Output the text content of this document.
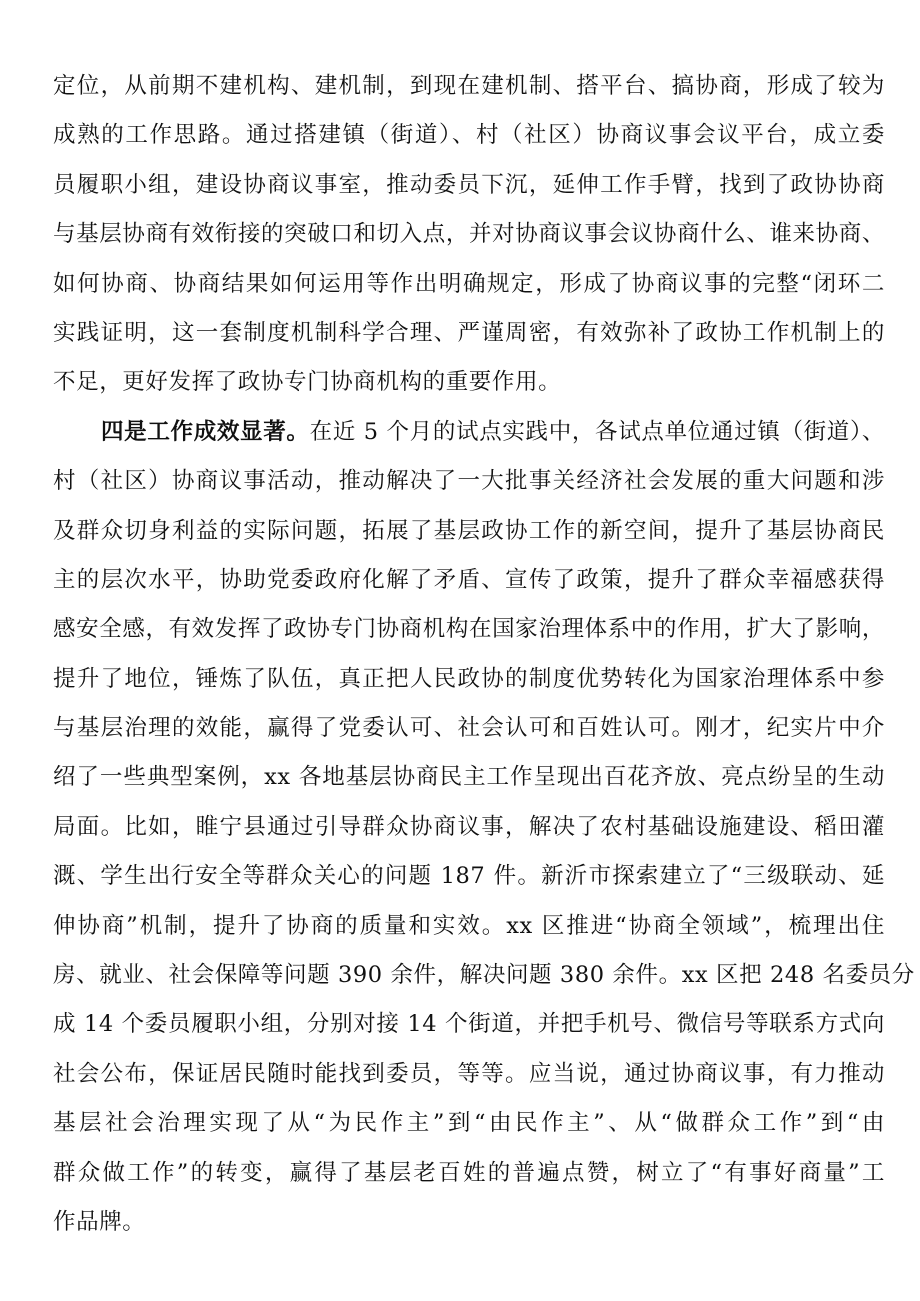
定位，从前期不建机构、建机制，到现在建机制、搭平台、搞协商，形成了较为
成熟的工作思路。通过搭建镇（街道）、村（社区）协商议事会议平台，成立委
员履职小组，建设协商议事室，推动委员下沉，延伸工作手臂，找到了政协协商
与基层协商有效衔接的突破口和切入点，并对协商议事会议协商什么、谁来协商、
如何协商、协商结果如何运用等作出明确规定，形成了协商议事的完整“闭环二
实践证明，这一套制度机制科学合理、严谨周密，有效弥补了政协工作机制上的
不足，更好发挥了政协专门协商机构的重要作用。
四是工作成效显著。在近 5 个月的试点实践中，各试点单位通过镇（街道）、
村（社区）协商议事活动，推动解决了一大批事关经济社会发展的重大问题和涉
及群众切身利益的实际问题，拓展了基层政协工作的新空间，提升了基层协商民
主的层次水平，协助党委政府化解了矛盾、宣传了政策，提升了群众幸福感获得
感安全感，有效发挥了政协专门协商机构在国家治理体系中的作用，扩大了影响，
提升了地位，锤炼了队伍，真正把人民政协的制度优势转化为国家治理体系中参
与基层治理的效能，赢得了党委认可、社会认可和百姓认可。刚才，纪实片中介
绍了一些典型案例，xx 各地基层协商民主工作呈现出百花齐放、亮点纷呈的生动
局面。比如，睢宁县通过引导群众协商议事，解决了农村基础设施建设、稻田灌
溉、学生出行安全等群众关心的问题 187 件。新沂市探索建立了“三级联动、延
伸协商”机制，提升了协商的质量和实效。xx 区推进“协商全领域”，梳理出住
房、就业、社会保障等问题 390 余件，解决问题 380 余件。xx 区把 248 名委员分
成 14 个委员履职小组，分别对接 14 个街道，并把手机号、微信号等联系方式向
社会公布，保证居民随时能找到委员，等等。应当说，通过协商议事，有力推动
基层社会治理实现了从“为民作主”到“由民作主”、从“做群众工作”到“由
群众做工作”的转变，赢得了基层老百姓的普遍点赞，树立了“有事好商量”工
作品牌。
